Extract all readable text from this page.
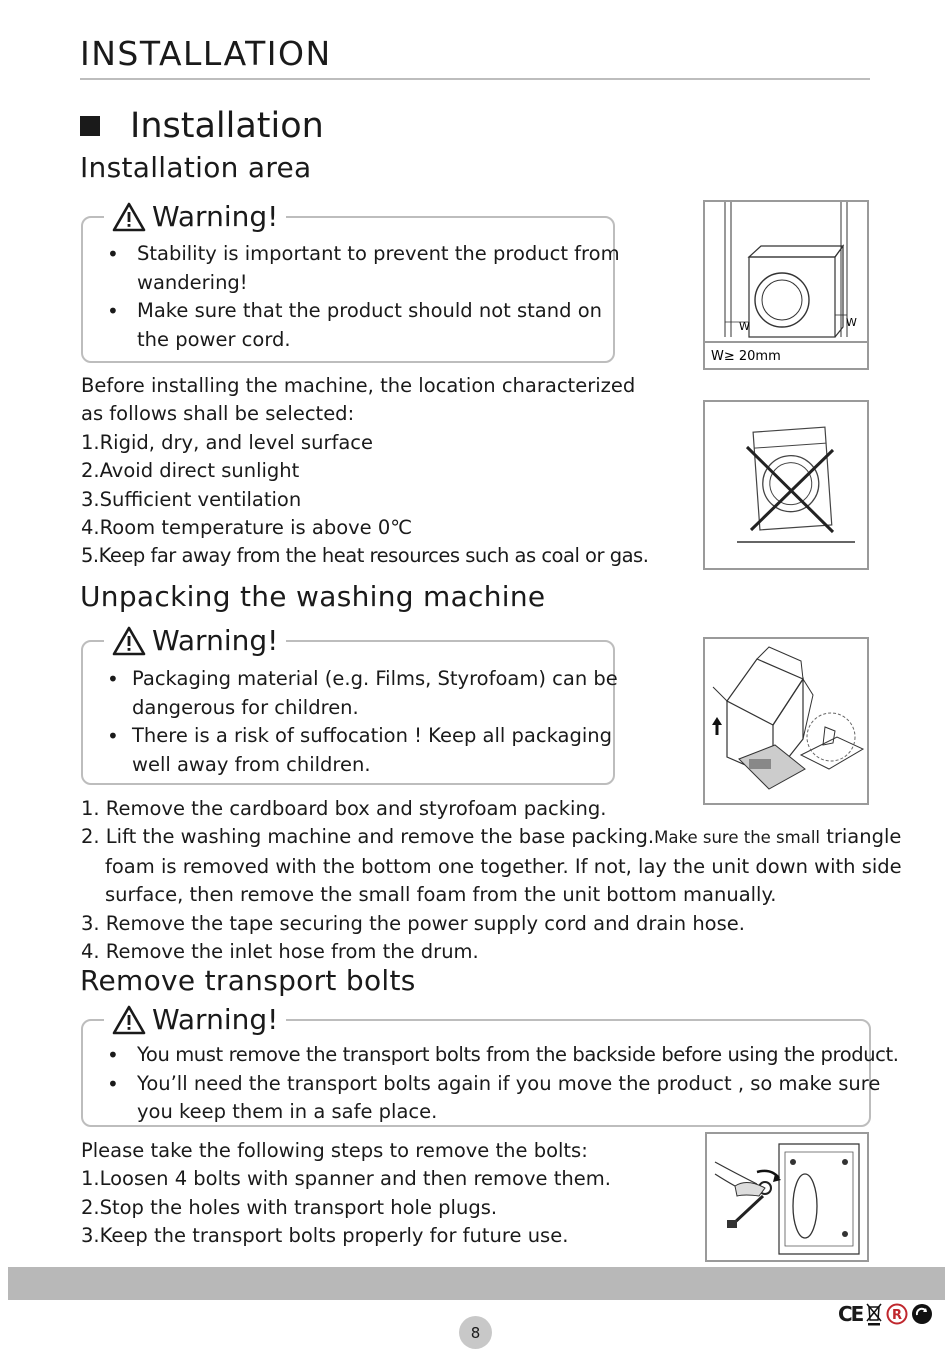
INSTALLATION
Installation
Installation area
Warning!
• Stability is important to prevent the product from
wandering!
• Make sure that the product should not stand on
the power cord.
Before installing the machine, the location characterized
as follows shall be selected:
1.Rigid, dry, and level surface
2.Avoid direct sunlight
3.Sufficient ventilation
4.Room temperature is above 0℃
5.Keep far away from the heat resources such as coal or gas.
W	W
W≥ 20mm
Unpacking the washing machine
Warning!
• Packaging material (e.g. Films, Styrofoam) can be
dangerous for children.
• There is a risk of suffocation ! Keep all packaging
well away from children.
1. Remove the cardboard box and styrofoam packing.
2. Lift the washing machine and remove the base packing.Make sure the small triangle
foam is removed with the bottom one together. If not, lay the unit down with side
surface, then remove the small foam from the unit bottom manually.
3. Remove the tape securing the power supply cord and drain hose.
4. Remove the inlet hose from the drum.
Remove transport bolts
Warning!
• You must remove the transport bolts from the backside before using the product.
• You’ll need the transport bolts again if you move the product , so make sure
you keep them in a safe place.
Please take the following steps to remove the bolts:
1.Loosen 4 bolts with spanner and then remove them.
2.Stop the holes with transport hole plugs.
3.Keep the transport bolts properly for future use.
8
CE R
